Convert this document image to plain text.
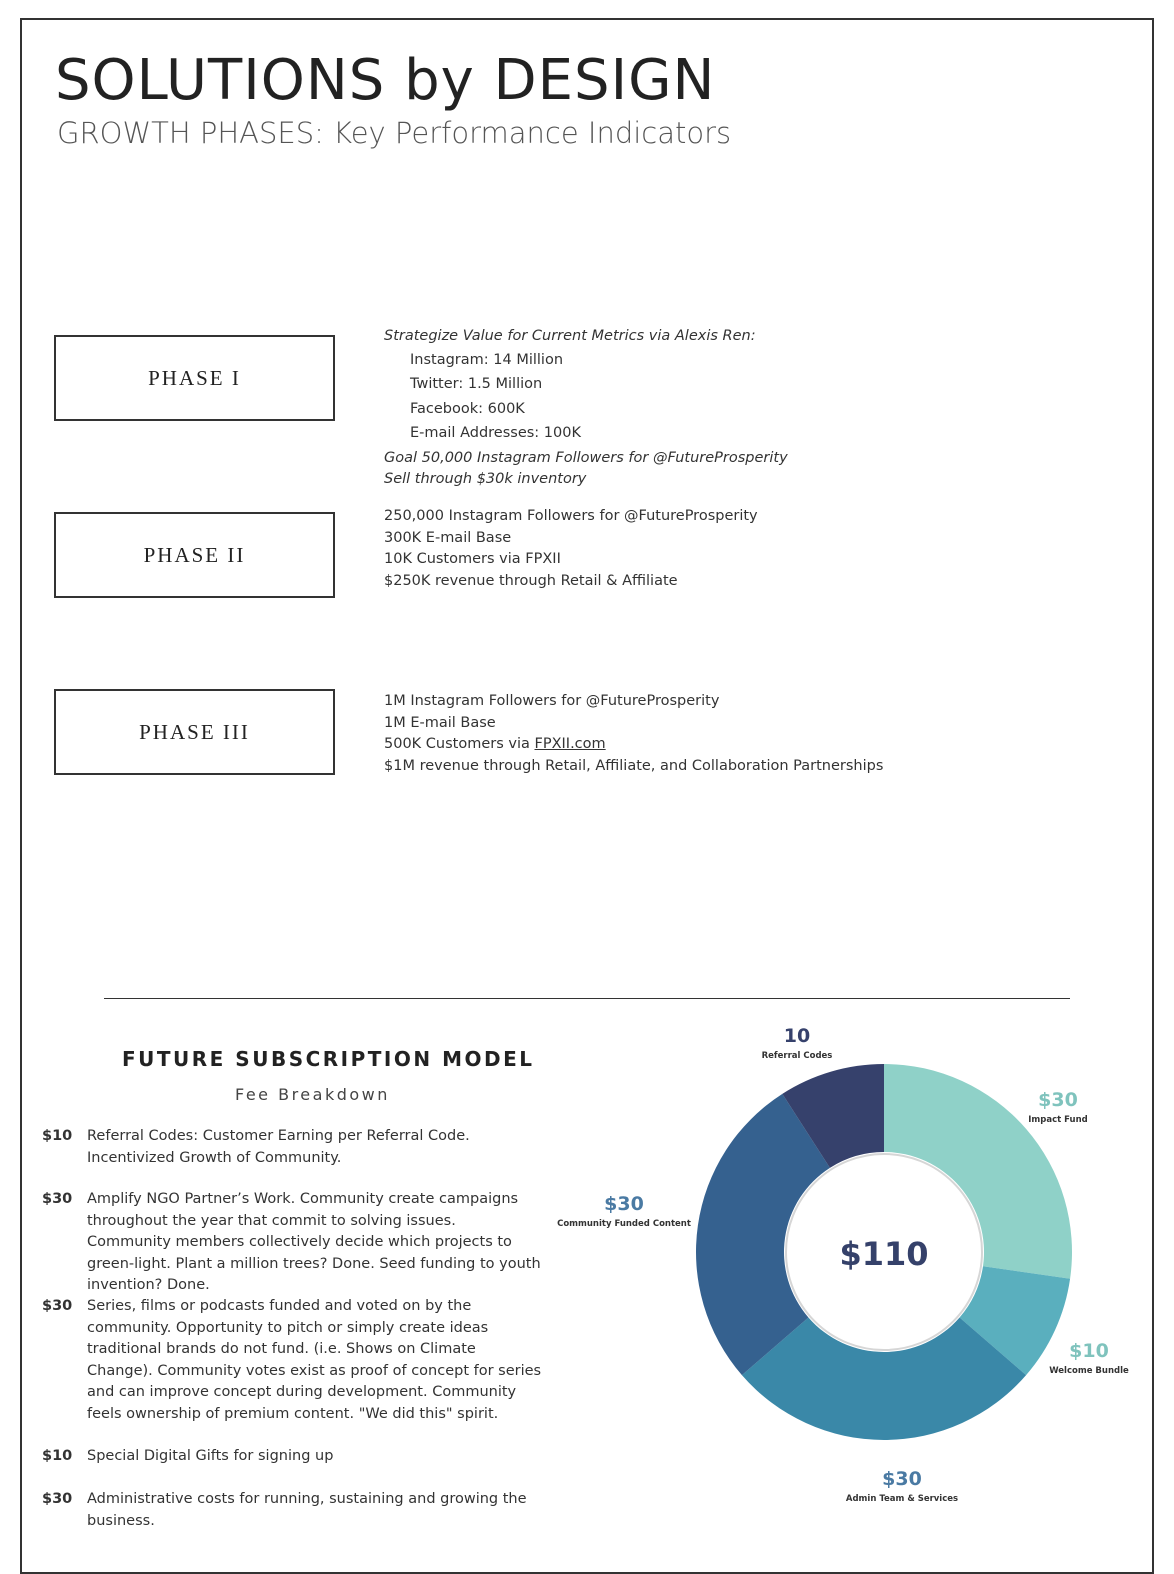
SOLUTIONS by DESIGN
GROWTH PHASES: Key Performance Indicators
PHASE I
Strategize Value for Current Metrics via Alexis Ren:
Instagram: 14 Million
Twitter: 1.5 Million
Facebook: 600K
E-mail Addresses: 100K
Goal 50,000 Instagram Followers for @FutureProsperity
Sell through $30k inventory
PHASE II
250,000 Instagram Followers for @FutureProsperity
300K E-mail Base
10K Customers via FPXII
$250K revenue through Retail & Affiliate
PHASE III
1M Instagram Followers for @FutureProsperity
1M E-mail Base
500K Customers via FPXII.com
$1M revenue through Retail, Affiliate, and Collaboration Partnerships
FUTURE SUBSCRIPTION MODEL
Fee Breakdown
$10	Referral Codes: Customer Earning per Referral Code. Incentivized Growth of Community.
$30	Amplify NGO Partner’s Work. Community create campaigns throughout the year that commit to solving issues. Community members collectively decide which projects to green-light. Plant a million trees? Done. Seed funding to youth invention? Done.
$30	Series, films or podcasts funded and voted on by the community. Opportunity to pitch or simply create ideas traditional brands do not fund. (i.e. Shows on Climate Change). Community votes exist as proof of concept for series and can improve concept during development. Community feels ownership of premium content. "We did this" spirit.
$10	Special Digital Gifts for signing up
$30	Administrative costs for running, sustaining and growing the business.
$110
$30
Impact Fund
$10
Welcome Bundle
$30
Admin Team & Services
$30
Community Funded Content
10
Referral Codes
